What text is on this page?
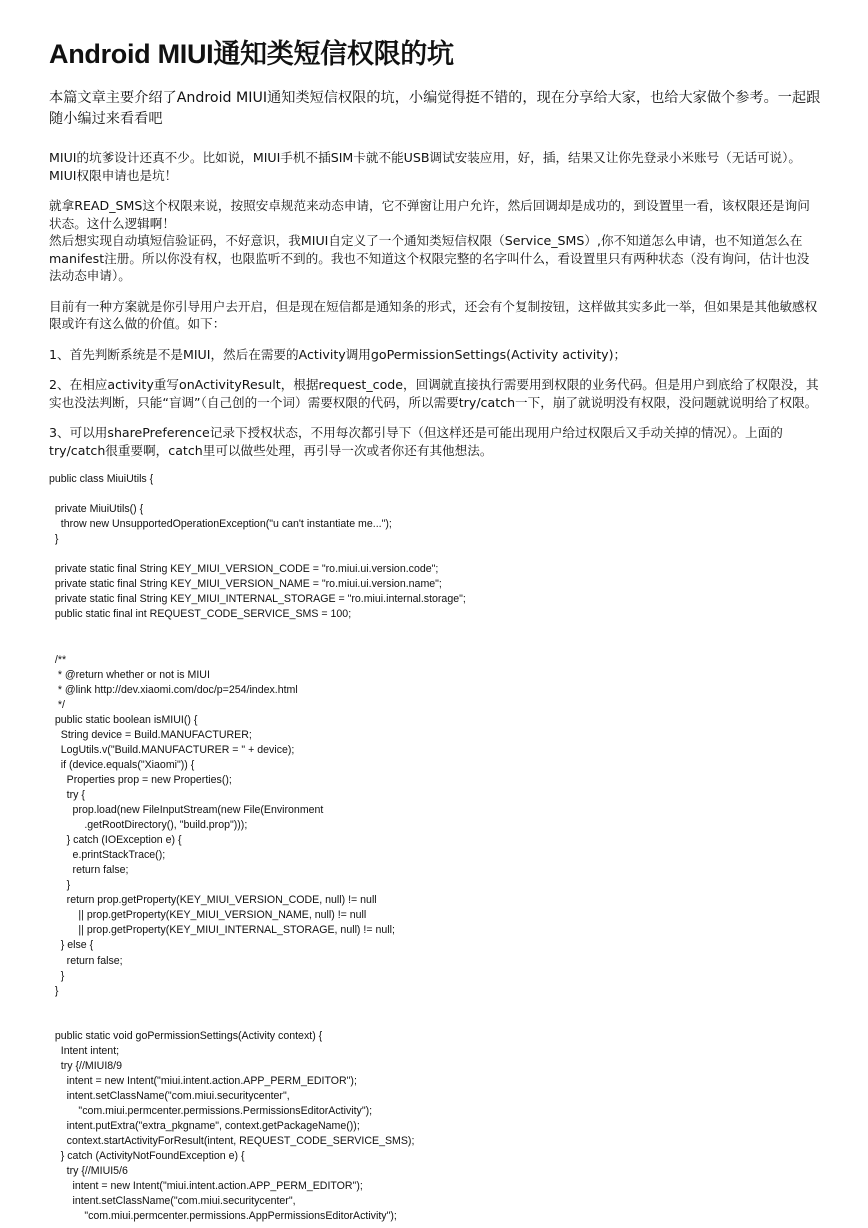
Android MIUI通知类短信权限的坑

本篇文章主要介绍了Android MIUI通知类短信权限的坑，小编觉得挺不错的，现在分享给大家，也给大家做个参考。一起跟随小编过来看看吧

MIUI的坑爹设计还真不少。比如说，MIUI手机不插SIM卡就不能USB调试安装应用，好，插，结果又让你先登录小米账号（无话可说）。MIUI权限申请也是坑！
就拿READ_SMS这个权限来说，按照安卓规范来动态申请，它不弹窗让用户允许，然后回调却是成功的，到设置里一看，该权限还是询问状态。这什么逻辑啊！
然后想实现自动填短信验证码，不好意识，我MIUI自定义了一个通知类短信权限（Service_SMS）,你不知道怎么申请，也不知道怎么在manifest注册。所以你没有权，也限监听不到的。我也不知道这个权限完整的名字叫什么，看设置里只有两种状态（没有询问，估计也没法动态申请）。
目前有一种方案就是你引导用户去开启，但是现在短信都是通知条的形式，还会有个复制按钮，这样做其实多此一举，但如果是其他敏感权限或许有这么做的价值。如下：
1、首先判断系统是不是MIUI，然后在需要的Activity调用goPermissionSettings(Activity activity)；
2、在相应activity重写onActivityResult，根据request_code，回调就直接执行需要用到权限的业务代码。但是用户到底给了权限没，其实也没法判断，只能“盲调”（自己创的一个词）需要权限的代码，所以需要try/catch一下，崩了就说明没有权限，没问题就说明给了权限。
3、可以用sharePreference记录下授权状态，不用每次都引导下（但这样还是可能出现用户给过权限后又手动关掉的情况）。上面的try/catch很重要啊，catch里可以做些处理，再引导一次或者你还有其他想法。
public class MiuiUtils {

private MiuiUtils() {
throw new UnsupportedOperationException("u can't instantiate me...");
}

private static final String KEY_MIUI_VERSION_CODE = "ro.miui.ui.version.code";
private static final String KEY_MIUI_VERSION_NAME = "ro.miui.ui.version.name";
private static final String KEY_MIUI_INTERNAL_STORAGE = "ro.miui.internal.storage";
public static final int REQUEST_CODE_SERVICE_SMS = 100;

/**
* @return whether or not is MIUI
* @link http://dev.xiaomi.com/doc/p=254/index.html
*/
public static boolean isMIUI() {
String device = Build.MANUFACTURER;
LogUtils.v("Build.MANUFACTURER = " + device);
if (device.equals("Xiaomi")) {
Properties prop = new Properties();
try {
prop.load(new FileInputStream(new File(Environment
.getRootDirectory(), "build.prop")));
} catch (IOException e) {
e.printStackTrace();
return false;
}
return prop.getProperty(KEY_MIUI_VERSION_CODE, null) != null
|| prop.getProperty(KEY_MIUI_VERSION_NAME, null) != null
|| prop.getProperty(KEY_MIUI_INTERNAL_STORAGE, null) != null;
} else {
return false;
}
}

public static void goPermissionSettings(Activity context) {
Intent intent;
try {//MIUI8/9
intent = new Intent("miui.intent.action.APP_PERM_EDITOR");
intent.setClassName("com.miui.securitycenter",
"com.miui.permcenter.permissions.PermissionsEditorActivity");
intent.putExtra("extra_pkgname", context.getPackageName());
context.startActivityForResult(intent, REQUEST_CODE_SERVICE_SMS);
} catch (ActivityNotFoundException e) {
try {//MIUI5/6
intent = new Intent("miui.intent.action.APP_PERM_EDITOR");
intent.setClassName("com.miui.securitycenter",
"com.miui.permcenter.permissions.AppPermissionsEditorActivity");
